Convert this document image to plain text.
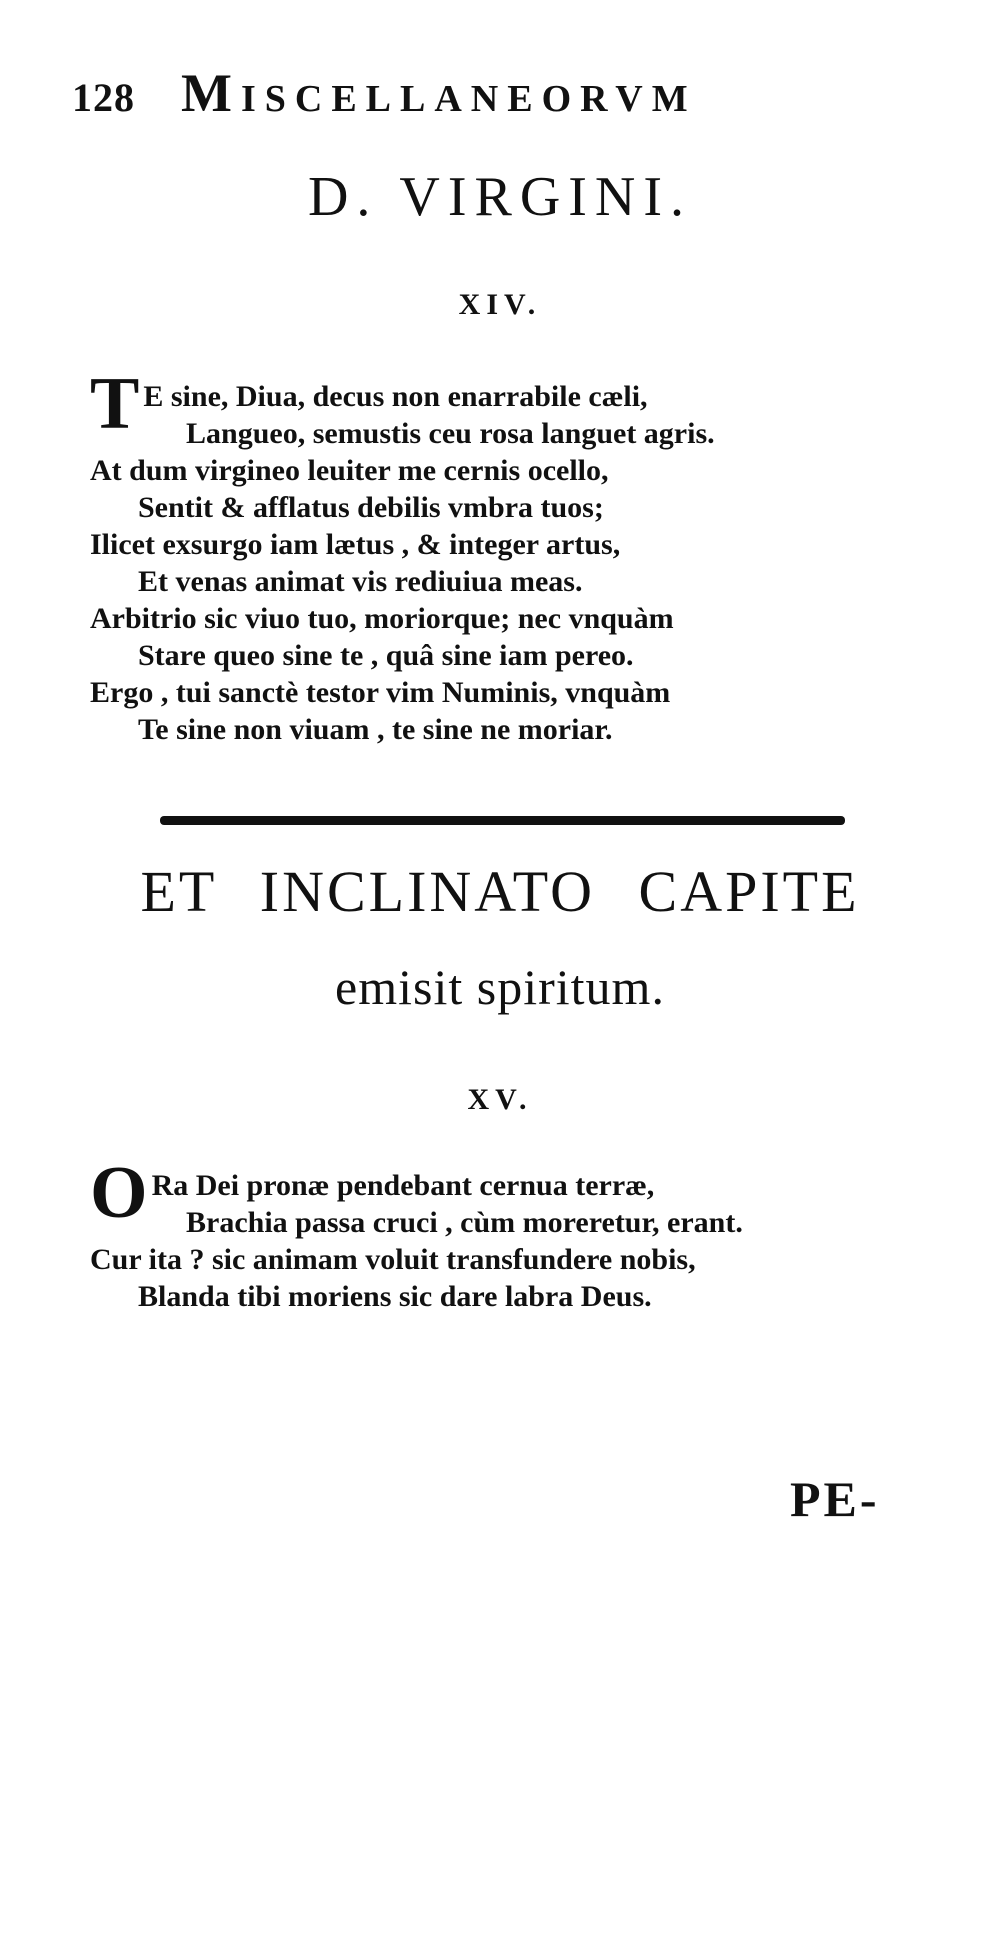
128 Miscellaneorvm
D. VIRGINI.
XIV.
T E sine, Diua, decus non enarrabile cæli,
Langueo, semustis ceu rosa languet agris.
At dum virgineo leuiter me cernis ocello,
Sentit & afflatus debilis vmbra tuos;
Ilicet exsurgo iam lætus , & integer artus,
Et venas animat vis rediuiua meas.
Arbitrio sic viuo tuo, moriorque; nec vnquàm
Stare queo sine te , quâ sine iam pereo.
Ergo , tui sanctè testor vim Numinis, vnquàm
Te sine non viuam , te sine ne moriar.
ET INCLINATO CAPITE
emisit spiritum.
XV.
O Ra Dei pronæ pendebant cernua terræ,
Brachia passa cruci , cùm moreretur, erant.
Cur ita ? sic animam voluit transfundere nobis,
Blanda tibi moriens sic dare labra Deus.
PE-
